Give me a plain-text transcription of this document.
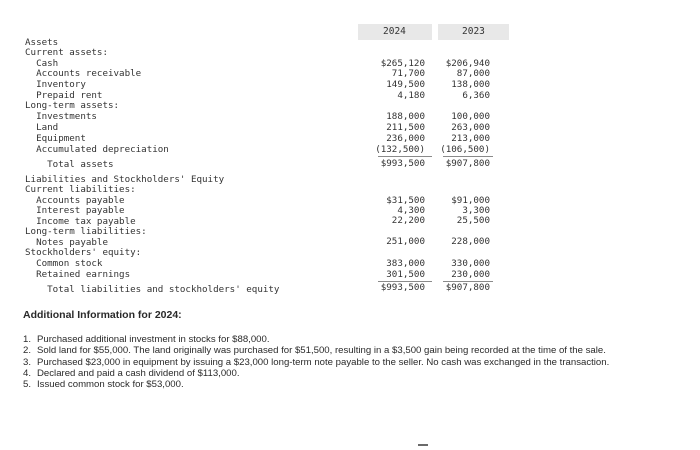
2024	2023
Assets
Current assets:
Cash	$265,120 $206,940
Accounts receivable	71,700	87,000
Inventory	149,500	138,000
Prepaid rent	4,180	6,360
Long-term assets:
Investments	188,000	100,000
Land	211,500	263,000
Equipment	236,000	213,000
Accumulated depreciation	(132,500) (106,500)
Total assets	$993,500 $907,800
Liabilities and Stockholders' Equity
Current liabilities:
Accounts payable	$31,500	$91,000
Interest payable	4,300	3,300
Income tax payable	22,200	25,500
Long-term liabilities:
Notes payable	251,000	228,000
Stockholders' equity:
Common stock	383,000	330,000
Retained earnings	301,500	230,000
Total liabilities and stockholders' equity	$993,500 $907,800
Additional Information for 2024:
1. Purchased additional investment in stocks for $88,000.
2. Sold land for $55,000. The land originally was purchased for $51,500, resulting in a $3,500 gain being recorded at the time of the sale.
3. Purchased $23,000 in equipment by issuing a $23,000 long-term note payable to the seller. No cash was exchanged in the transaction.
4. Declared and paid a cash dividend of $113,000.
5. Issued common stock for $53,000.
